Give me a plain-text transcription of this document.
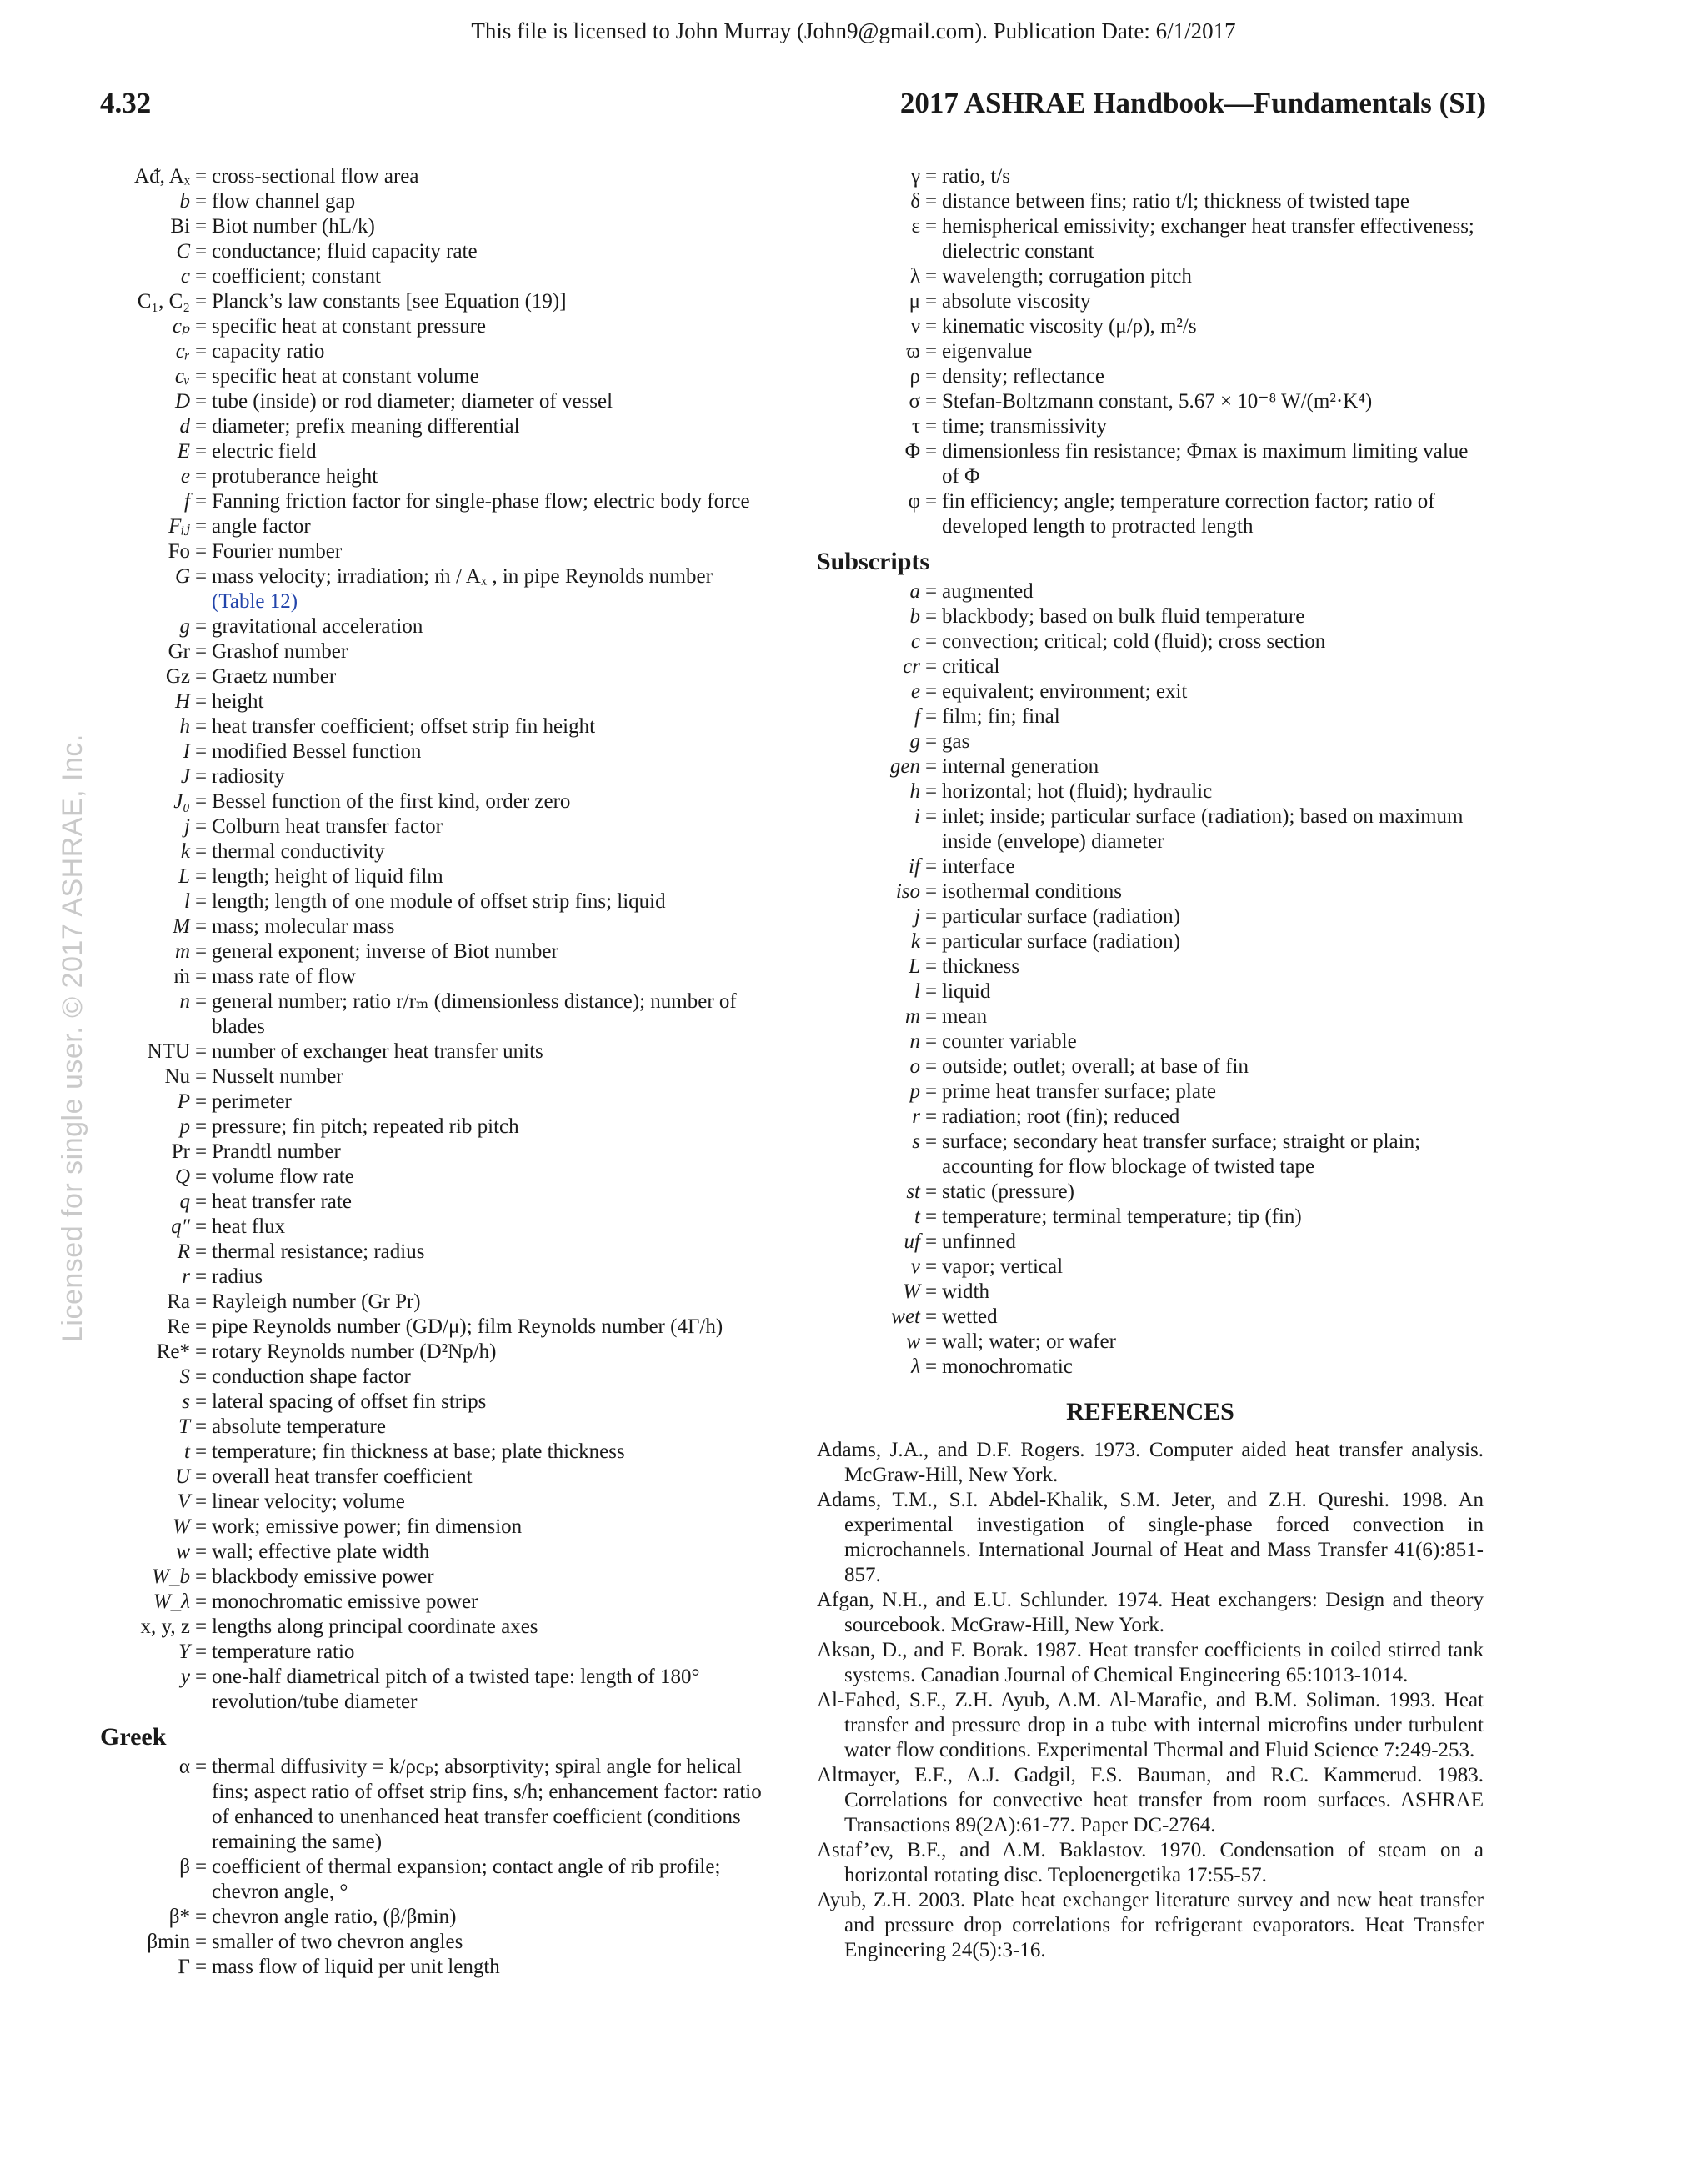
This file is licensed to John Murray (John9@gmail.com). Publication Date: 6/1/2017
4.32	2017 ASHRAE Handbook—Fundamentals (SI)
Licensed for single user. © 2017 ASHRAE, Inc.
Aᵭ, Aₓ = cross-sectional flow area
b = flow channel gap
Bi = Biot number (hL/k)
C = conductance; fluid capacity rate
c = coefficient; constant
C₁, C₂ = Planck’s law constants [see Equation (19)]
cₚ = specific heat at constant pressure
cᵣ = capacity ratio
cᵥ = specific heat at constant volume
D = tube (inside) or rod diameter; diameter of vessel
d = diameter; prefix meaning differential
E = electric field
e = protuberance height
f = Fanning friction factor for single-phase flow; electric body force
Fᵢⱼ = angle factor
Fo = Fourier number
G = mass velocity; irradiation; ṁ / Aₓ , in pipe Reynolds number
(Table 12)
g = gravitational acceleration
Gr = Grashof number
Gz = Graetz number
H = height
h = heat transfer coefficient; offset strip fin height
I = modified Bessel function
J = radiosity
J₀ = Bessel function of the first kind, order zero
j = Colburn heat transfer factor
k = thermal conductivity
L = length; height of liquid film
l = length; length of one module of offset strip fins; liquid
M = mass; molecular mass
m = general exponent; inverse of Biot number
ṁ = mass rate of flow
n = general number; ratio r/rₘ (dimensionless distance); number of blades
NTU = number of exchanger heat transfer units
Nu = Nusselt number
P = perimeter
p = pressure; fin pitch; repeated rib pitch
Pr = Prandtl number
Q = volume flow rate
q = heat transfer rate
q″ = heat flux
R = thermal resistance; radius
r = radius
Ra = Rayleigh number (Gr Pr)
Re = pipe Reynolds number (GD/μ); film Reynolds number (4Γ/h)
Re* = rotary Reynolds number (D²Np/h)
S = conduction shape factor
s = lateral spacing of offset fin strips
T = absolute temperature
t = temperature; fin thickness at base; plate thickness
U = overall heat transfer coefficient
V = linear velocity; volume
W = work; emissive power; fin dimension
w = wall; effective plate width
W_b = blackbody emissive power
W_λ = monochromatic emissive power
x, y, z = lengths along principal coordinate axes
Y = temperature ratio
y = one-half diametrical pitch of a twisted tape: length of 180° revolution/tube diameter
Greek
α = thermal diffusivity = k/ρcₚ; absorptivity; spiral angle for helical fins; aspect ratio of offset strip fins, s/h; enhancement factor: ratio of enhanced to unenhanced heat transfer coefficient (conditions remaining the same)
β = coefficient of thermal expansion; contact angle of rib profile; chevron angle, °
β* = chevron angle ratio, (β/βmin)
βmin = smaller of two chevron angles
Γ = mass flow of liquid per unit length
γ = ratio, t/s
δ = distance between fins; ratio t/l; thickness of twisted tape
ε = hemispherical emissivity; exchanger heat transfer effectiveness; dielectric constant
λ = wavelength; corrugation pitch
μ = absolute viscosity
ν = kinematic viscosity (μ/ρ), m²/s
ϖ = eigenvalue
ρ = density; reflectance
σ = Stefan-Boltzmann constant, 5.67 × 10⁻⁸ W/(m²·K⁴)
τ = time; transmissivity
Φ = dimensionless fin resistance; Φmax is maximum limiting value of Φ
φ = fin efficiency; angle; temperature correction factor; ratio of developed length to protracted length
Subscripts
a = augmented
b = blackbody; based on bulk fluid temperature
c = convection; critical; cold (fluid); cross section
cr = critical
e = equivalent; environment; exit
f = film; fin; final
g = gas
gen = internal generation
h = horizontal; hot (fluid); hydraulic
i = inlet; inside; particular surface (radiation); based on maximum inside (envelope) diameter
if = interface
iso = isothermal conditions
j = particular surface (radiation)
k = particular surface (radiation)
L = thickness
l = liquid
m = mean
n = counter variable
o = outside; outlet; overall; at base of fin
p = prime heat transfer surface; plate
r = radiation; root (fin); reduced
s = surface; secondary heat transfer surface; straight or plain; accounting for flow blockage of twisted tape
st = static (pressure)
t = temperature; terminal temperature; tip (fin)
uf = unfinned
v = vapor; vertical
W = width
wet = wetted
w = wall; water; or wafer
λ = monochromatic
REFERENCES
Adams, J.A., and D.F. Rogers. 1973. Computer aided heat transfer analysis. McGraw-Hill, New York.
Adams, T.M., S.I. Abdel-Khalik, S.M. Jeter, and Z.H. Qureshi. 1998. An experimental investigation of single-phase forced convection in microchannels. International Journal of Heat and Mass Transfer 41(6):851-857.
Afgan, N.H., and E.U. Schlunder. 1974. Heat exchangers: Design and theory sourcebook. McGraw-Hill, New York.
Aksan, D., and F. Borak. 1987. Heat transfer coefficients in coiled stirred tank systems. Canadian Journal of Chemical Engineering 65:1013-1014.
Al-Fahed, S.F., Z.H. Ayub, A.M. Al-Marafie, and B.M. Soliman. 1993. Heat transfer and pressure drop in a tube with internal microfins under turbulent water flow conditions. Experimental Thermal and Fluid Science 7:249-253.
Altmayer, E.F., A.J. Gadgil, F.S. Bauman, and R.C. Kammerud. 1983. Correlations for convective heat transfer from room surfaces. ASHRAE Transactions 89(2A):61-77. Paper DC-2764.
Astaf’ev, B.F., and A.M. Baklastov. 1970. Condensation of steam on a horizontal rotating disc. Teploenergetika 17:55-57.
Ayub, Z.H. 2003. Plate heat exchanger literature survey and new heat transfer and pressure drop correlations for refrigerant evaporators. Heat Transfer Engineering 24(5):3-16.
